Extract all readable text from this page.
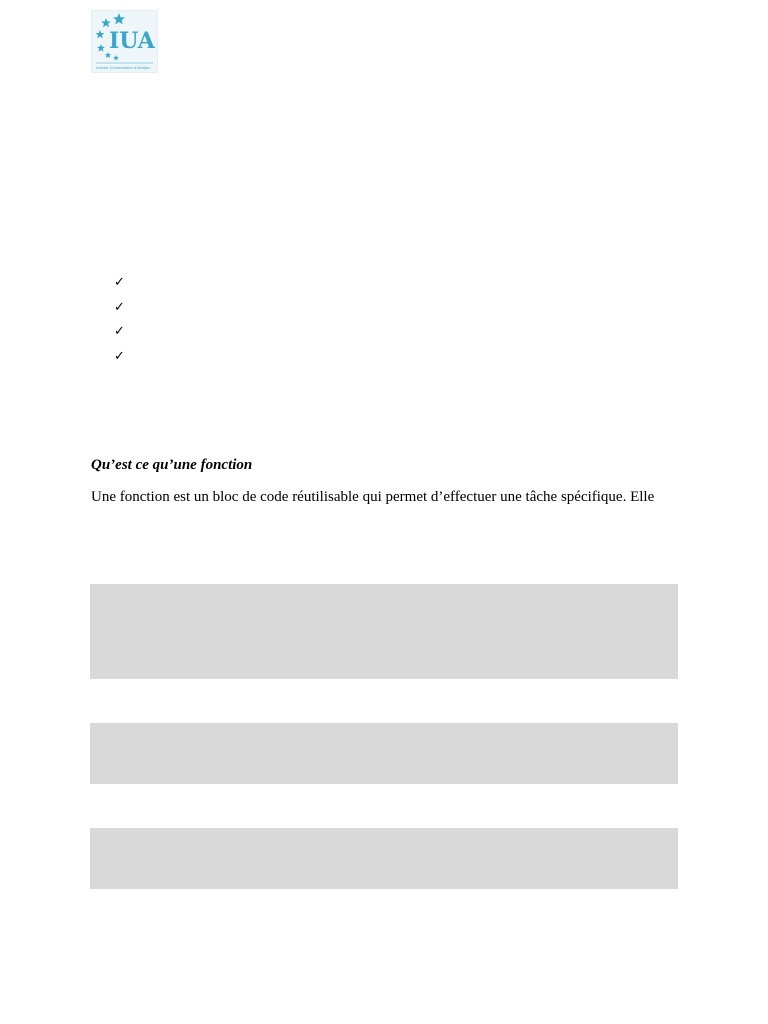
IUA
Institut Universitaire d'Abidjan
✓
✓
✓
✓
Qu’est ce qu’une fonction

Une fonction est un bloc de code réutilisable qui permet d’effectuer une tâche spécifique. Elle
